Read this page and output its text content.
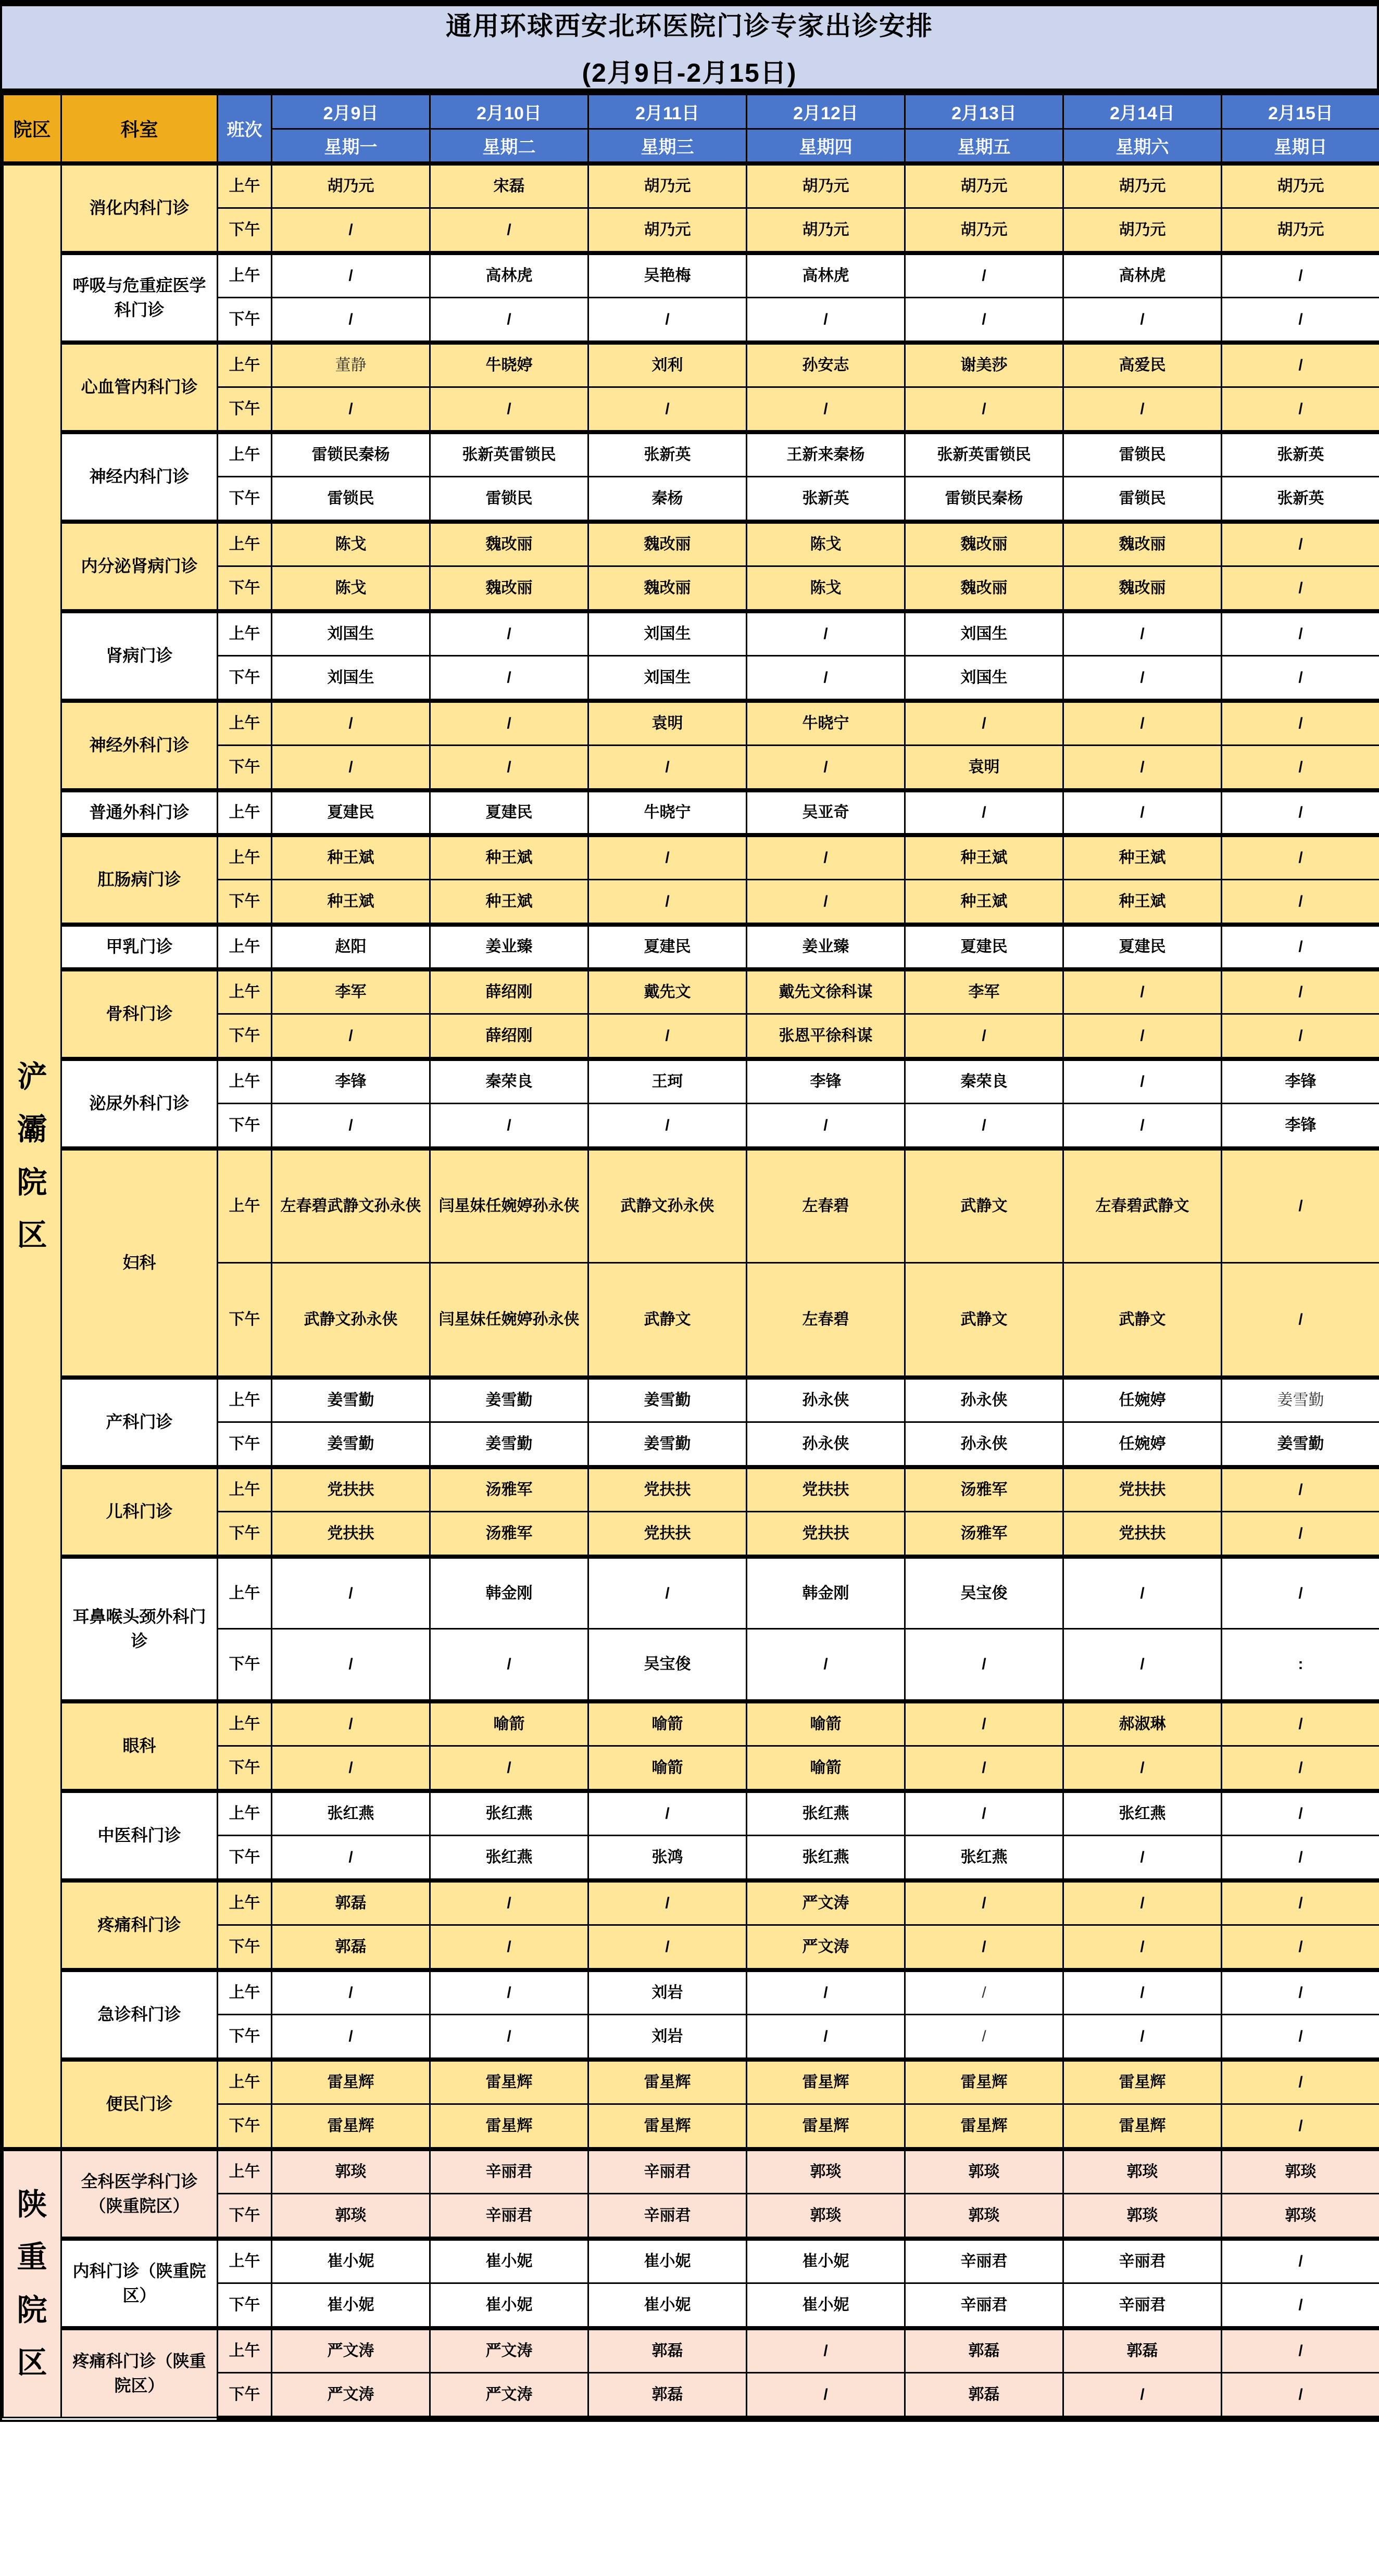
通用环球西安北环医院门诊专家出诊安排
(2月9日-2月15日)
院区	科室	班次	2月9日	2月10日	2月11日	2月12日	2月13日	2月14日	2月15日
			星期一	星期二	星期三	星期四	星期五	星期六	星期日
浐灞院区	消化内科门诊	上午	胡乃元	宋磊	胡乃元	胡乃元	胡乃元	胡乃元	胡乃元
		下午	/	/	胡乃元	胡乃元	胡乃元	胡乃元	胡乃元
	呼吸与危重症医学科门诊	上午	/	高林虎	吴艳梅	高林虎	/	高林虎	/
		下午	/	/	/	/	/	/	/
	心血管内科门诊	上午	董静	牛晓婷	刘利	孙安志	谢美莎	高爱民	/
		下午	/	/	/	/	/	/	/
	神经内科门诊	上午	雷锁民秦杨	张新英雷锁民	张新英	王新来秦杨	张新英雷锁民	雷锁民	张新英
		下午	雷锁民	雷锁民	秦杨	张新英	雷锁民秦杨	雷锁民	张新英
	内分泌肾病门诊	上午	陈戈	魏改丽	魏改丽	陈戈	魏改丽	魏改丽	/
		下午	陈戈	魏改丽	魏改丽	陈戈	魏改丽	魏改丽	/
	肾病门诊	上午	刘国生	/	刘国生	/	刘国生	/	/
		下午	刘国生	/	刘国生	/	刘国生	/	/
	神经外科门诊	上午	/	/	袁明	牛晓宁	/	/	/
		下午	/	/	/	/	袁明	/	/
	普通外科门诊	上午	夏建民	夏建民	牛晓宁	吴亚奇	/	/	/
	肛肠病门诊	上午	种王斌	种王斌	/	/	种王斌	种王斌	/
		下午	种王斌	种王斌	/	/	种王斌	种王斌	/
	甲乳门诊	上午	赵阳	姜业臻	夏建民	姜业臻	夏建民	夏建民	/
	骨科门诊	上午	李军	薛绍刚	戴先文	戴先文徐科谋	李军	/	/
		下午	/	薛绍刚	/	张恩平徐科谋	/	/	/
	泌尿外科门诊	上午	李锋	秦荣良	王珂	李锋	秦荣良	/	李锋
		下午	/	/	/	/	/	/	李锋
	妇科	上午	左春碧武静文孙永侠	闫星妹任婉婷孙永侠	武静文孙永侠	左春碧	武静文	左春碧武静文	/
		下午	武静文孙永侠	闫星妹任婉婷孙永侠	武静文	左春碧	武静文	武静文	/
	产科门诊	上午	姜雪勤	姜雪勤	姜雪勤	孙永侠	孙永侠	任婉婷	姜雪勤
		下午	姜雪勤	姜雪勤	姜雪勤	孙永侠	孙永侠	任婉婷	姜雪勤
	儿科门诊	上午	党扶扶	汤雅军	党扶扶	党扶扶	汤雅军	党扶扶	/
		下午	党扶扶	汤雅军	党扶扶	党扶扶	汤雅军	党扶扶	/
	耳鼻喉头颈外科门诊	上午	/	韩金刚	/	韩金刚	吴宝俊	/	/
		下午	/	/	吴宝俊	/	/	/	:
	眼科	上午	/	喻箭	喻箭	喻箭	/	郝淑琳	/
		下午	/	/	喻箭	喻箭	/	/	/
	中医科门诊	上午	张红燕	张红燕	/	张红燕	/	张红燕	/
		下午	/	张红燕	张鸿	张红燕	张红燕	/	/
	疼痛科门诊	上午	郭磊	/	/	严文涛	/	/	/
		下午	郭磊	/	/	严文涛	/	/	/
	急诊科门诊	上午	/	/	刘岩	/	/	/	/
		下午	/	/	刘岩	/	/	/	/
	便民门诊	上午	雷星辉	雷星辉	雷星辉	雷星辉	雷星辉	雷星辉	/
		下午	雷星辉	雷星辉	雷星辉	雷星辉	雷星辉	雷星辉	/
陕重院区	全科医学科门诊（陕重院区）	上午	郭琰	辛丽君	辛丽君	郭琰	郭琰	郭琰	郭琰
		下午	郭琰	辛丽君	辛丽君	郭琰	郭琰	郭琰	郭琰
	内科门诊（陕重院区）	上午	崔小妮	崔小妮	崔小妮	崔小妮	辛丽君	辛丽君	/
		下午	崔小妮	崔小妮	崔小妮	崔小妮	辛丽君	辛丽君	/
	疼痛科门诊（陕重院区）	上午	严文涛	严文涛	郭磊	/	郭磊	郭磊	/
		下午	严文涛	严文涛	郭磊	/	郭磊	/	/
